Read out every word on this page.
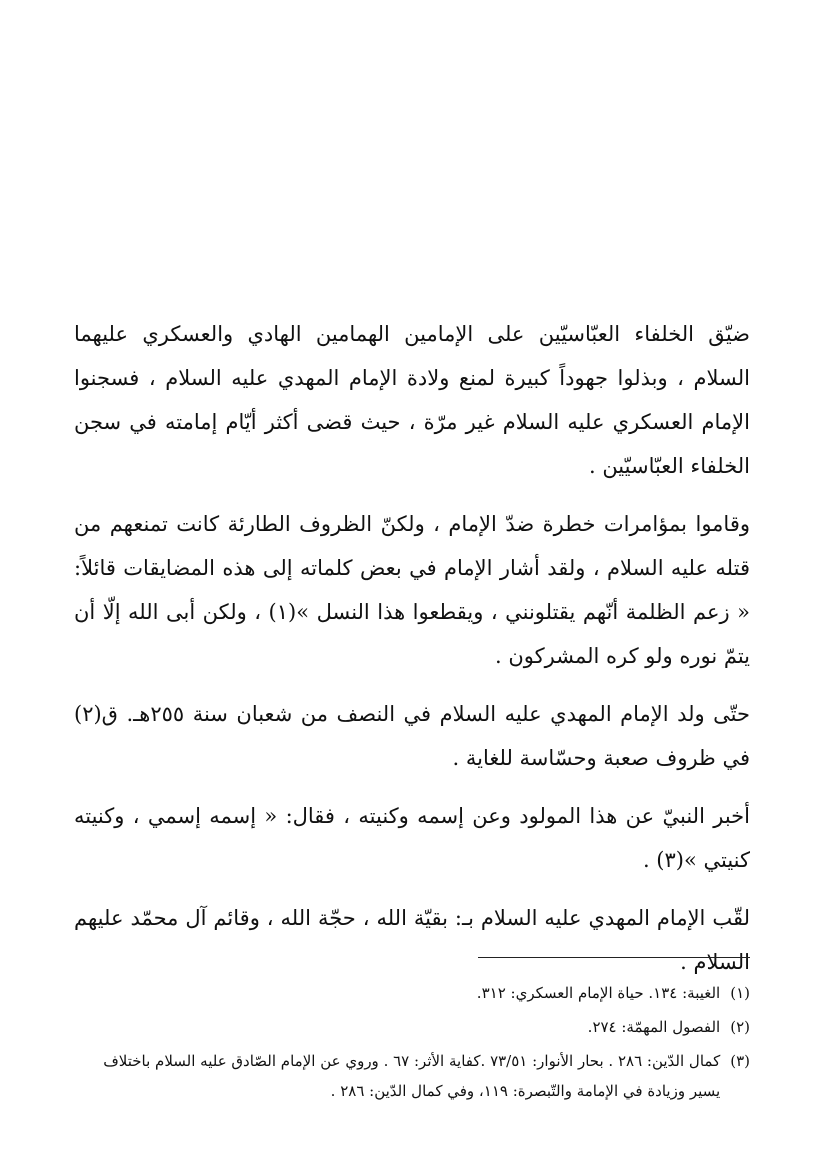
ضيّق الخلفاء العبّاسيّين على الإمامين الهمامين الهادي والعسكري عليهما السلام ، وبذلوا جهوداً كبيرة لمنع ولادة الإمام المهدي عليه السلام ، فسجنوا الإمام العسكري عليه السلام غير مرّة ، حيث قضى أكثر أيّام إمامته في سجن الخلفاء العبّاسيّين .

وقاموا بمؤامرات خطرة ضدّ الإمام ، ولكنّ الظروف الطارئة كانت تمنعهم من قتله عليه السلام ، ولقد أشار الإمام في بعض كلماته إلى هذه المضايقات قائلاً: « زعم الظلمة أنّهم يقتلونني ، ويقطعوا هذا النسل »(١) ، ولكن أبى الله إلّا أن يتمّ نوره ولو كره المشركون .

حتّى ولد الإمام المهدي عليه السلام في النصف من شعبان سنة ٢٥٥هـ. ق(٢) في ظروف صعبة وحسّاسة للغاية .

أخبر النبيّ عن هذا المولود وعن إسمه وكنيته ، فقال: « إسمه إسمي ، وكنيته كنيتي »(٣) .

لقّب الإمام المهدي عليه السلام بـ: بقيّة الله ، حجّة الله ، وقائم آل محمّد عليهم السلام .

(١)
الغيبة: ١٣٤. حياة الإمام العسكري: ٣١٢.
(٢)
الفصول المهمّة: ٢٧٤.
(٣)
كمال الدّين: ٢٨٦ . بحار الأنوار: ٧٣/٥١ .كفاية الأثر: ٦٧ . وروي عن الإمام الصّادق عليه السلام باختلاف يسير وزيادة في الإمامة والتّبصرة: ١١٩، وفي كمال الدّين: ٢٨٦ .
